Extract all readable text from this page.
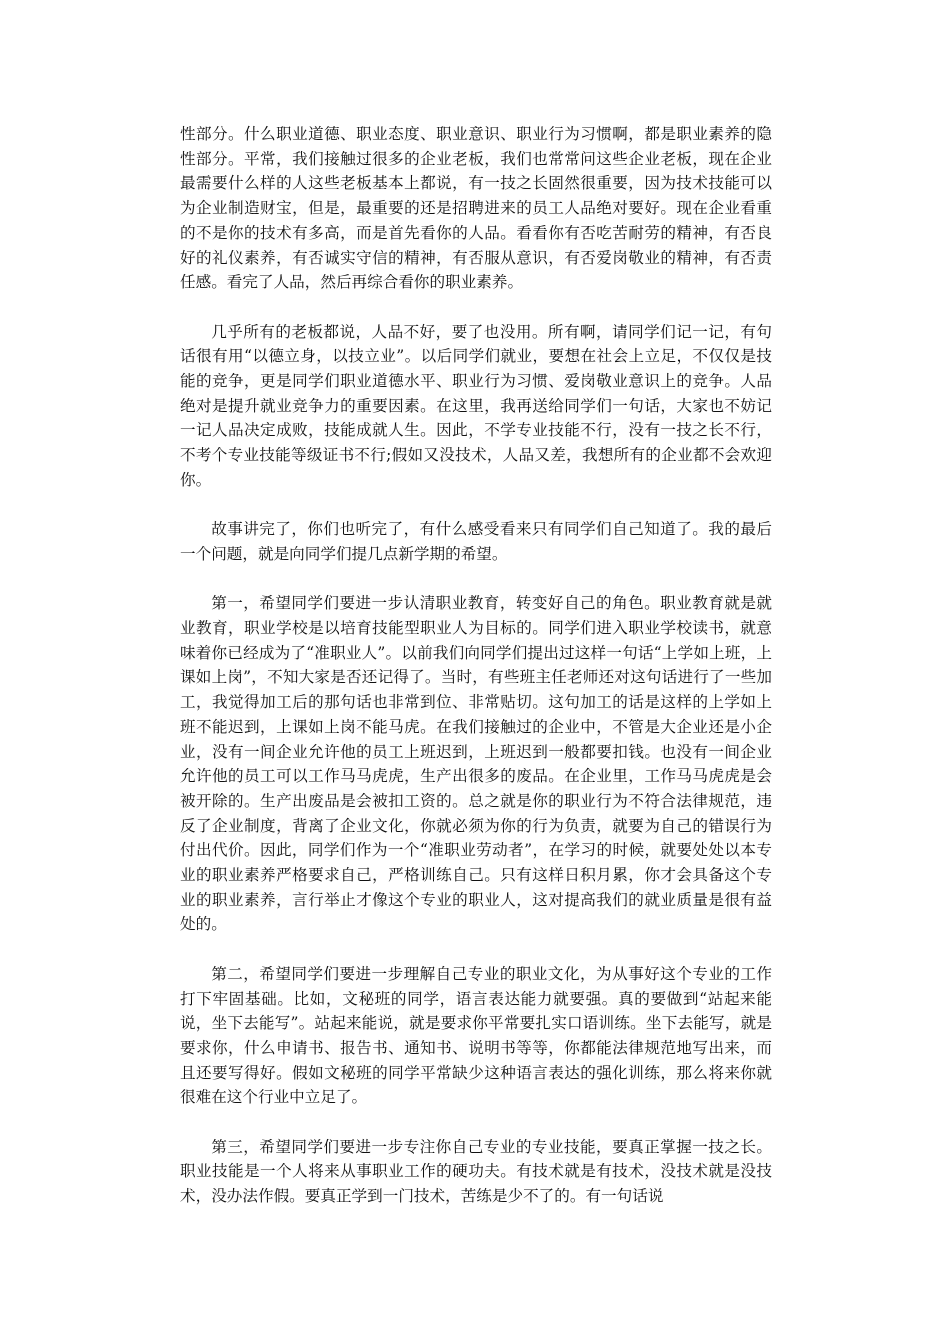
性部分。什么职业道德、职业态度、职业意识、职业行为习惯啊，都是职业素养的隐性部分。平常，我们接触过很多的企业老板，我们也常常问这些企业老板，现在企业最需要什么样的人这些老板基本上都说，有一技之长固然很重要，因为技术技能可以为企业制造财宝，但是，最重要的还是招聘进来的员工人品绝对要好。现在企业看重的不是你的技术有多高，而是首先看你的人品。看看你有否吃苦耐劳的精神，有否良好的礼仪素养，有否诚实守信的精神，有否服从意识，有否爱岗敬业的精神，有否责任感。看完了人品，然后再综合看你的职业素养。

几乎所有的老板都说，人品不好，要了也没用。所有啊，请同学们记一记，有句话很有用“以德立身，以技立业”。以后同学们就业，要想在社会上立足，不仅仅是技能的竞争，更是同学们职业道德水平、职业行为习惯、爱岗敬业意识上的竞争。人品绝对是提升就业竞争力的重要因素。在这里，我再送给同学们一句话，大家也不妨记一记人品决定成败，技能成就人生。因此，不学专业技能不行，没有一技之长不行，不考个专业技能等级证书不行;假如又没技术，人品又差，我想所有的企业都不会欢迎你。

故事讲完了，你们也听完了，有什么感受看来只有同学们自己知道了。我的最后一个问题，就是向同学们提几点新学期的希望。

第一，希望同学们要进一步认清职业教育，转变好自己的角色。职业教育就是就业教育，职业学校是以培育技能型职业人为目标的。同学们进入职业学校读书，就意味着你已经成为了“准职业人”。以前我们向同学们提出过这样一句话“上学如上班，上课如上岗”，不知大家是否还记得了。当时，有些班主任老师还对这句话进行了一些加工，我觉得加工后的那句话也非常到位、非常贴切。这句加工的话是这样的上学如上班不能迟到，上课如上岗不能马虎。在我们接触过的企业中，不管是大企业还是小企业，没有一间企业允许他的员工上班迟到，上班迟到一般都要扣钱。也没有一间企业允许他的员工可以工作马马虎虎，生产出很多的废品。在企业里，工作马马虎虎是会被开除的。生产出废品是会被扣工资的。总之就是你的职业行为不符合法律规范，违反了企业制度，背离了企业文化，你就必须为你的行为负责，就要为自己的错误行为付出代价。因此，同学们作为一个“准职业劳动者”，在学习的时候，就要处处以本专业的职业素养严格要求自己，严格训练自己。只有这样日积月累，你才会具备这个专业的职业素养，言行举止才像这个专业的职业人，这对提高我们的就业质量是很有益处的。

第二，希望同学们要进一步理解自己专业的职业文化，为从事好这个专业的工作打下牢固基础。比如，文秘班的同学，语言表达能力就要强。真的要做到“站起来能说，坐下去能写”。站起来能说，就是要求你平常要扎实口语训练。坐下去能写，就是要求你，什么申请书、报告书、通知书、说明书等等，你都能法律规范地写出来，而且还要写得好。假如文秘班的同学平常缺少这种语言表达的强化训练，那么将来你就很难在这个行业中立足了。

第三，希望同学们要进一步专注你自己专业的专业技能，要真正掌握一技之长。职业技能是一个人将来从事职业工作的硬功夫。有技术就是有技术，没技术就是没技术，没办法作假。要真正学到一门技术，苦练是少不了的。有一句话说
